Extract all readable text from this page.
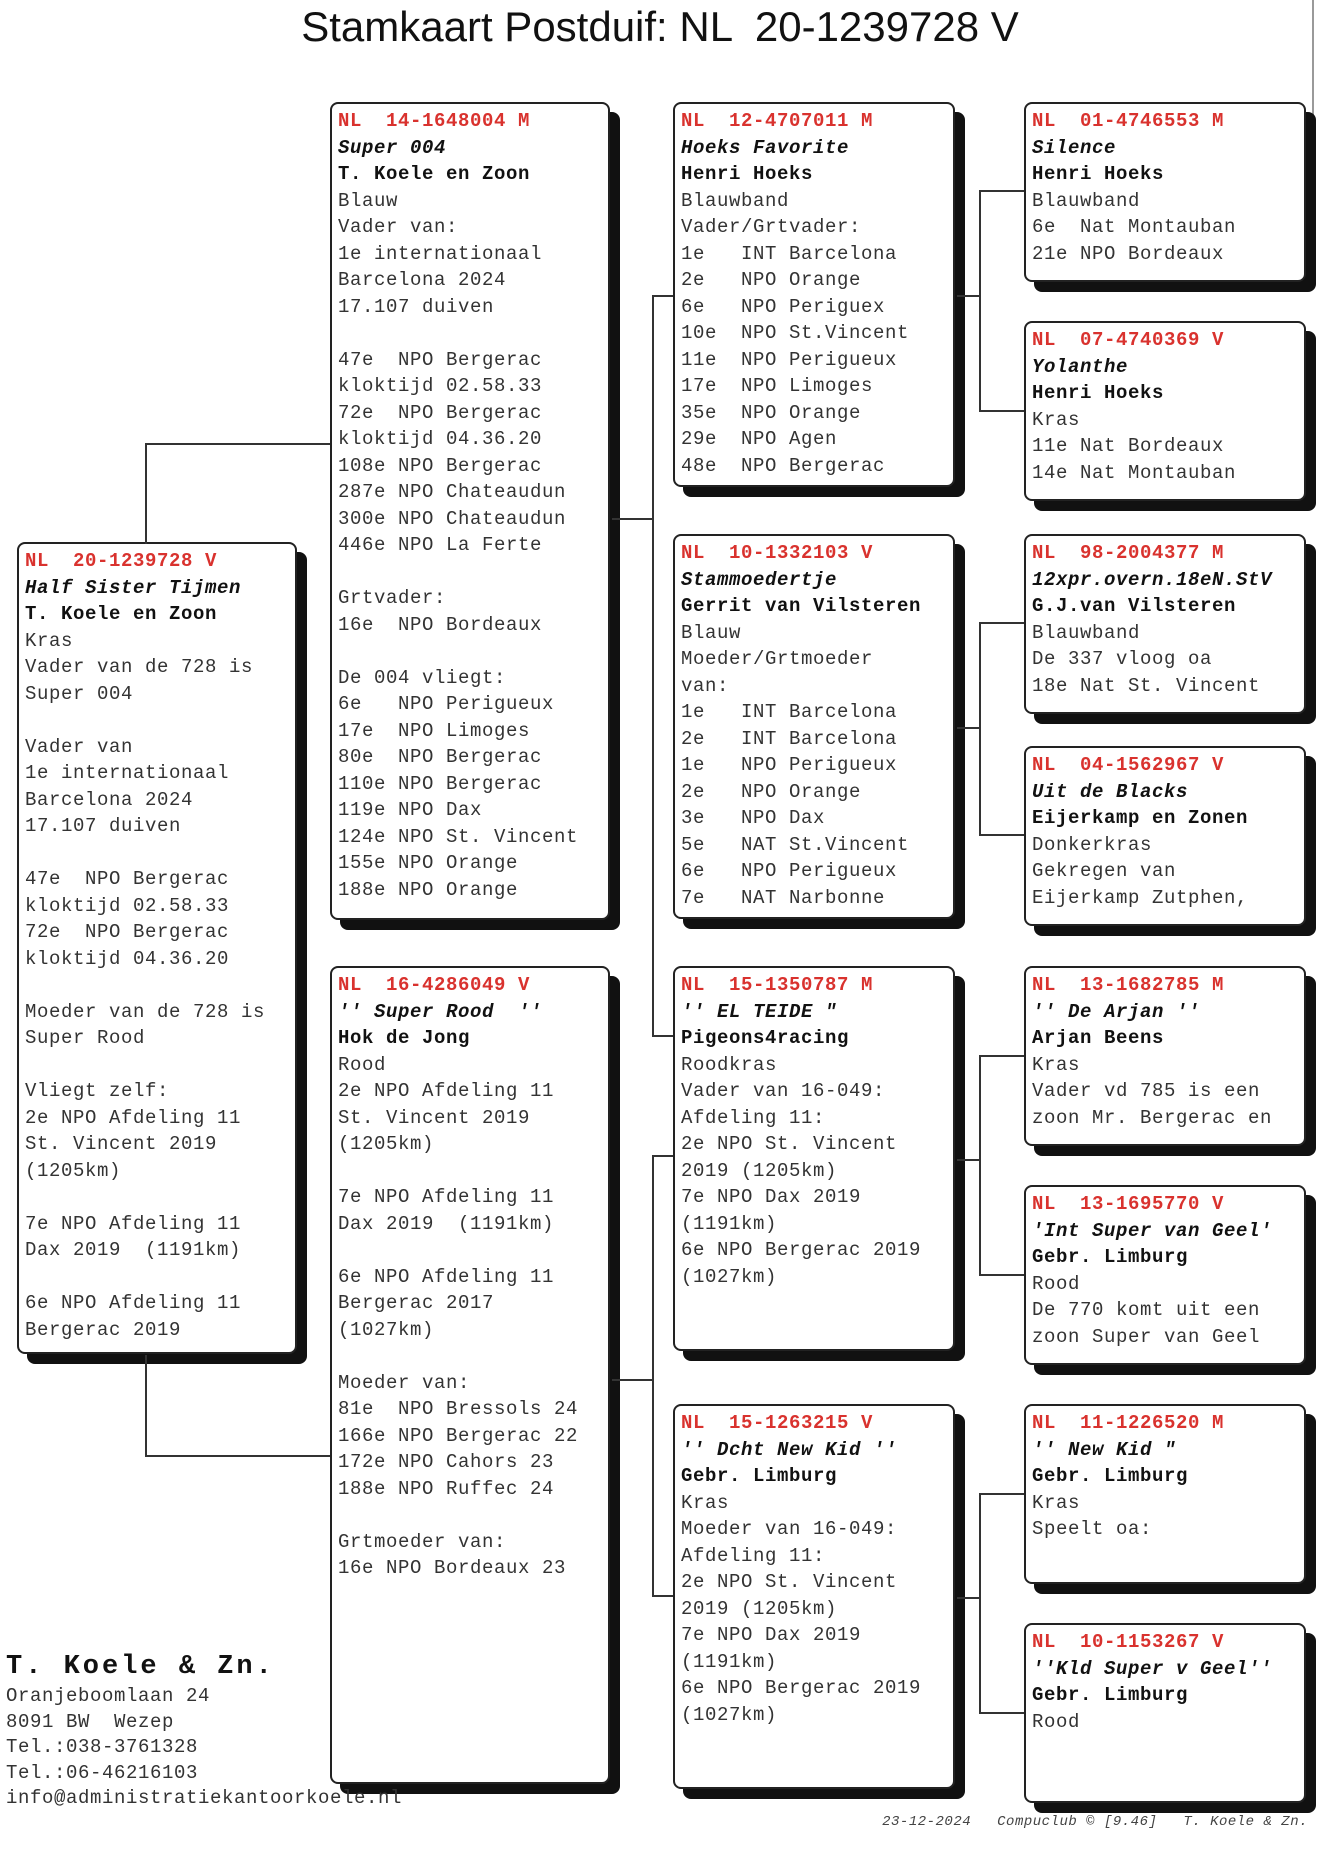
Stamkaart Postduif: NL  20-1239728 V
NL  20-1239728 V
Half Sister Tijmen
T. Koele en Zoon
Kras
Vader van de 728 is
Super 004
Vader van
1e internationaal
Barcelona 2024
17.107 duiven
47e  NPO Bergerac
kloktijd 02.58.33
72e  NPO Bergerac
kloktijd 04.36.20
Moeder van de 728 is
Super Rood
Vliegt zelf:
2e NPO Afdeling 11
St. Vincent 2019
(1205km)
7e NPO Afdeling 11
Dax 2019  (1191km)
6e NPO Afdeling 11
Bergerac 2019
NL  14-1648004 M
Super 004
T. Koele en Zoon
Blauw
Vader van:
1e internationaal
Barcelona 2024
17.107 duiven
47e  NPO Bergerac
kloktijd 02.58.33
72e  NPO Bergerac
kloktijd 04.36.20
108e NPO Bergerac
287e NPO Chateaudun
300e NPO Chateaudun
446e NPO La Ferte
Grtvader:
16e  NPO Bordeaux
De 004 vliegt:
6e   NPO Perigueux
17e  NPO Limoges
80e  NPO Bergerac
110e NPO Bergerac
119e NPO Dax
124e NPO St. Vincent
155e NPO Orange
188e NPO Orange
NL  16-4286049 V
'' Super Rood  ''
Hok de Jong
Rood
2e NPO Afdeling 11
St. Vincent 2019
(1205km)
7e NPO Afdeling 11
Dax 2019  (1191km)
6e NPO Afdeling 11
Bergerac 2017
(1027km)
Moeder van:
81e  NPO Bressols 24
166e NPO Bergerac 22
172e NPO Cahors 23
188e NPO Ruffec 24
Grtmoeder van:
16e NPO Bordeaux 23
NL  12-4707011 M
Hoeks Favorite
Henri Hoeks
Blauwband
Vader/Grtvader:
1e   INT Barcelona
2e   NPO Orange
6e   NPO Periguex
10e  NPO St.Vincent
11e  NPO Perigueux
17e  NPO Limoges
35e  NPO Orange
29e  NPO Agen
48e  NPO Bergerac
NL  10-1332103 V
Stammoedertje
Gerrit van Vilsteren
Blauw
Moeder/Grtmoeder
van:
1e   INT Barcelona
2e   INT Barcelona
1e   NPO Perigueux
2e   NPO Orange
3e   NPO Dax
5e   NAT St.Vincent
6e   NPO Perigueux
7e   NAT Narbonne
NL  15-1350787 M
'' EL TEIDE "
Pigeons4racing
Roodkras
Vader van 16-049:
Afdeling 11:
2e NPO St. Vincent
2019 (1205km)
7e NPO Dax 2019
(1191km)
6e NPO Bergerac 2019
(1027km)
NL  15-1263215 V
'' Dcht New Kid ''
Gebr. Limburg
Kras
Moeder van 16-049:
Afdeling 11:
2e NPO St. Vincent
2019 (1205km)
7e NPO Dax 2019
(1191km)
6e NPO Bergerac 2019
(1027km)
NL  01-4746553 M
Silence
Henri Hoeks
Blauwband
6e  Nat Montauban
21e NPO Bordeaux
NL  07-4740369 V
Yolanthe
Henri Hoeks
Kras
11e Nat Bordeaux
14e Nat Montauban
NL  98-2004377 M
12xpr.overn.18eN.StV
G.J.van Vilsteren
Blauwband
De 337 vloog oa
18e Nat St. Vincent
NL  04-1562967 V
Uit de Blacks
Eijerkamp en Zonen
Donkerkras
Gekregen van
Eijerkamp Zutphen,
NL  13-1682785 M
'' De Arjan ''
Arjan Beens
Kras
Vader vd 785 is een
zoon Mr. Bergerac en
NL  13-1695770 V
'Int Super van Geel'
Gebr. Limburg
Rood
De 770 komt uit een
zoon Super van Geel
NL  11-1226520 M
'' New Kid "
Gebr. Limburg
Kras
Speelt oa:
NL  10-1153267 V
''Kld Super v Geel''
Gebr. Limburg
Rood
T. Koele & Zn.
Oranjeboomlaan 24
8091 BW  Wezep
Tel.:038-3761328
Tel.:06-46216103
info@administratiekantoorkoele.nl
23-12-2024 Compuclub © [9.46] T. Koele & Zn.
